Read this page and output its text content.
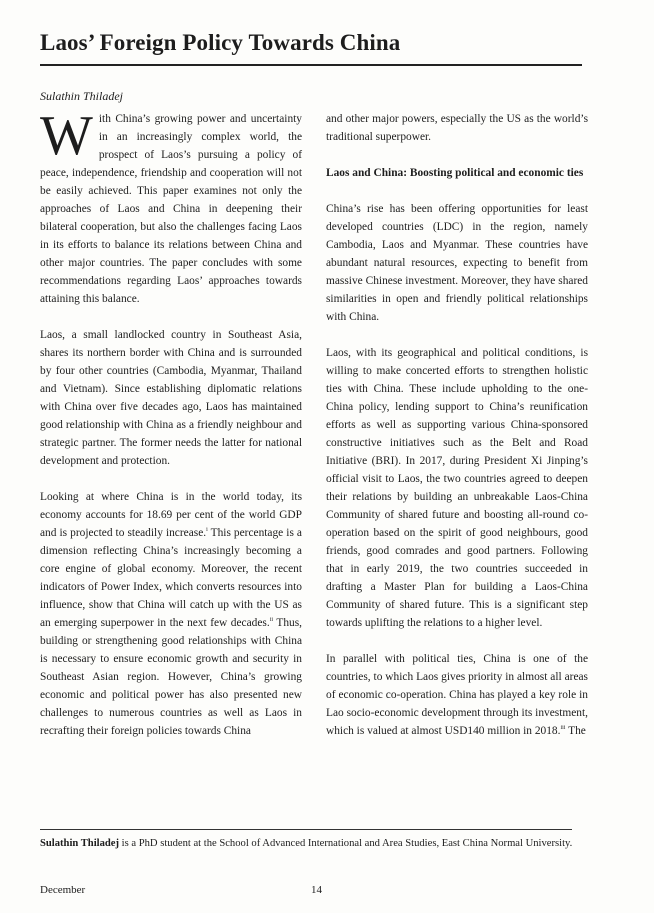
Laos’ Foreign Policy Towards China
Sulathin Thiladej

With China’s growing power and uncertainty in an increasingly complex world, the prospect of Laos’s pursuing a policy of peace, independence, friendship and cooperation will not be easily achieved. This paper examines not only the approaches of Laos and China in deepening their bilateral cooperation, but also the challenges facing Laos in its efforts to balance its relations between China and other major countries. The paper concludes with some recommendations regarding Laos’ approaches towards attaining this balance.

Laos, a small landlocked country in Southeast Asia, shares its northern border with China and is surrounded by four other countries (Cambodia, Myanmar, Thailand and Vietnam). Since establishing diplomatic relations with China over five decades ago, Laos has maintained good relationship with China as a friendly neighbour and strategic partner. The former needs the latter for national development and protection.

Looking at where China is in the world today, its economy accounts for 18.69 per cent of the world GDP and is projected to steadily increase.$^i$ This percentage is a dimension reflecting China’s increasingly becoming a core engine of global economy. Moreover, the recent indicators of Power Index, which converts resources into influence, show that China will catch up with the US as an emerging superpower in the next few decades.$^{ii}$ Thus, building or strengthening good relationships with China is necessary to ensure economic growth and security in Southeast Asian region. However, China’s growing economic and political power has also presented new challenges to numerous countries as well as Laos in recrafting their foreign policies towards China

and other major powers, especially the US as the world’s traditional superpower.

Laos and China: Boosting political and economic ties

China’s rise has been offering opportunities for least developed countries (LDC) in the region, namely Cambodia, Laos and Myanmar. These countries have abundant natural resources, expecting to benefit from massive Chinese investment. Moreover, they have shared similarities in open and friendly political relationships with China.

Laos, with its geographical and political conditions, is willing to make concerted efforts to strengthen holistic ties with China. These include upholding to the one-China policy, lending support to China’s reunification efforts as well as supporting various China-sponsored constructive initiatives such as the Belt and Road Initiative (BRI). In 2017, during President Xi Jinping’s official visit to Laos, the two countries agreed to deepen their relations by building an unbreakable Laos-China Community of shared future and boosting all-round co-operation based on the spirit of good neighbours, good friends, good comrades and good partners. Following that in early 2019, the two countries succeeded in drafting a Master Plan for building a Laos-China Community of shared future. This is a significant step towards uplifting the relations to a higher level.

In parallel with political ties, China is one of the countries, to which Laos gives priority in almost all areas of economic co-operation. China has played a key role in Lao socio-economic development through its investment, which is valued at almost USD140 million in 2018.$^{iii}$ The

Sulathin Thiladej is a PhD student at the School of Advanced International and Area Studies, East China Normal University.
December	14
